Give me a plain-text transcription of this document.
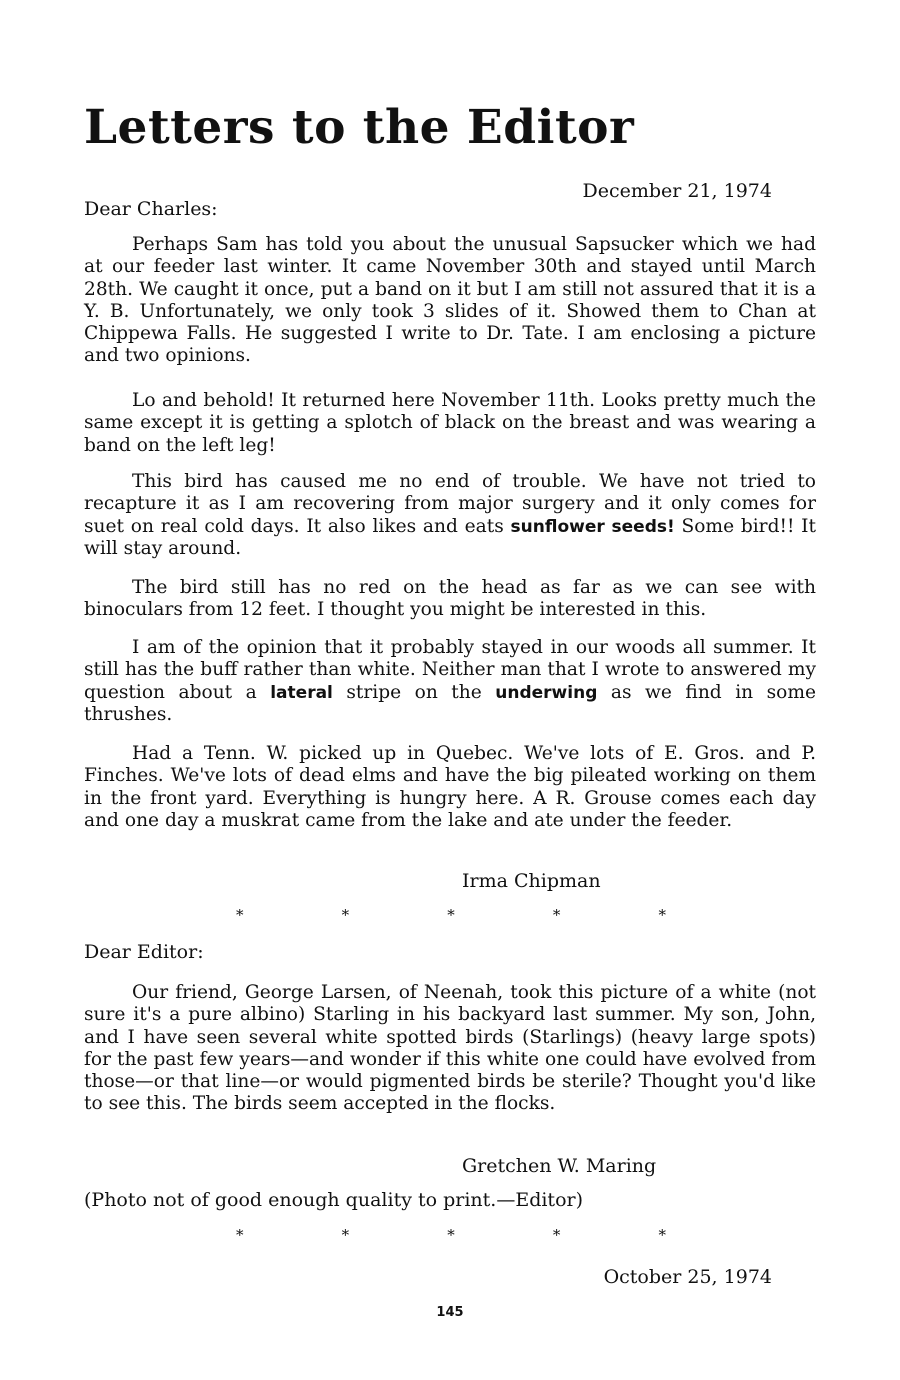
Letters to the Editor

December 21, 1974

Dear Charles:

Perhaps Sam has told you about the unusual Sapsucker which we had at our feeder last winter. It came November 30th and stayed until March 28th. We caught it once, put a band on it but I am still not assured that it is a Y. B. Unfortunately, we only took 3 slides of it. Showed them to Chan at Chippewa Falls. He suggested I write to Dr. Tate. I am enclosing a picture and two opinions.

Lo and behold! It returned here November 11th. Looks pretty much the same except it is getting a splotch of black on the breast and was wearing a band on the left leg!

This bird has caused me no end of trouble. We have not tried to recapture it as I am recovering from major surgery and it only comes for suet on real cold days. It also likes and eats sunflower seeds! Some bird!! It will stay around.

The bird still has no red on the head as far as we can see with binoculars from 12 feet. I thought you might be interested in this.

I am of the opinion that it probably stayed in our woods all summer. It still has the buff rather than white. Neither man that I wrote to answered my question about a lateral stripe on the underwing as we find in some thrushes.

Had a Tenn. W. picked up in Quebec. We've lots of E. Gros. and P. Finches. We've lots of dead elms and have the big pileated working on them in the front yard. Everything is hungry here. A R. Grouse comes each day and one day a muskrat came from the lake and ate under the feeder.

Irma Chipman

*	*	*	*	*

Dear Editor:

Our friend, George Larsen, of Neenah, took this picture of a white (not sure it's a pure albino) Starling in his backyard last summer. My son, John, and I have seen several white spotted birds (Starlings) (heavy large spots) for the past few years—and wonder if this white one could have evolved from those—or that line—or would pigmented birds be sterile? Thought you'd like to see this. The birds seem accepted in the flocks.

Gretchen W. Maring

(Photo not of good enough quality to print.—Editor)

*	*	*	*	*

October 25, 1974

145
